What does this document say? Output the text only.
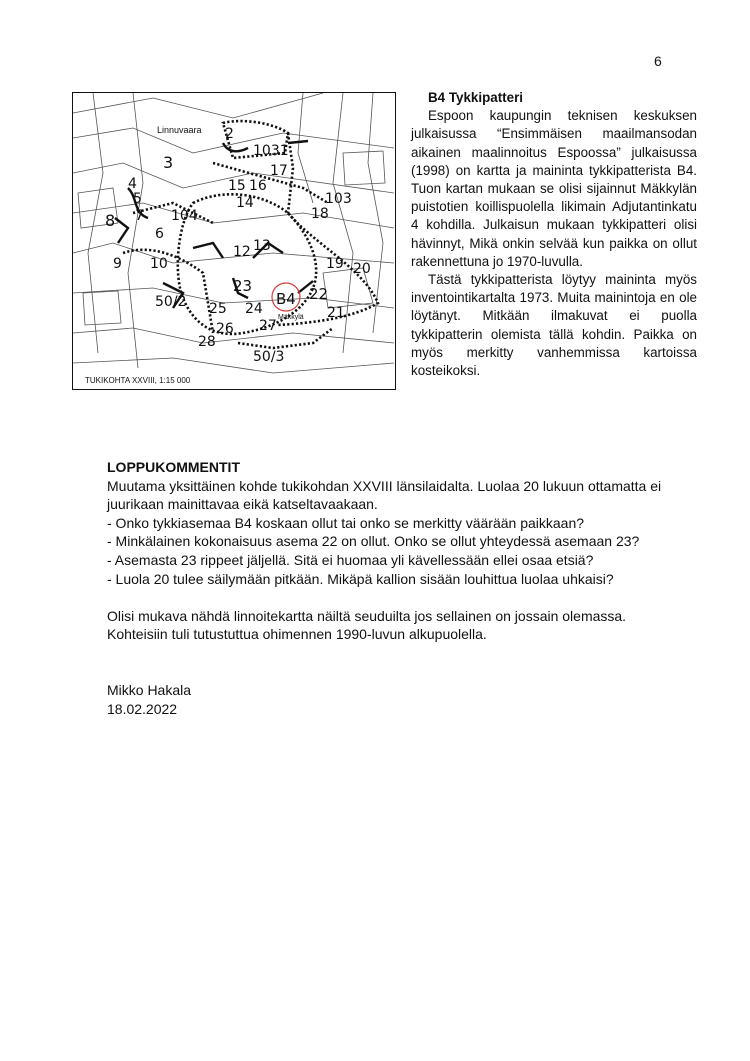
6
Linnuvaara
Mäkkylä
1031
2
3
4
5
7
8
6
104
15 16
14
17
103
18
12 13
9 10	19 20
23
B4 22
50/2 25 24	21
26 27
28
50/3
TUKIKOHTA XXVIII, 1:15 000
B4 Tykkipatteri

Espoon kaupungin teknisen keskuksen julkaisussa “Ensimmäisen maailmansodan aikainen maalinnoitus Espoossa” julkaisussa (1998) on kartta ja maininta tykkipatterista B4. Tuon kartan mukaan se olisi sijainnut Mäkkylän puistotien koillispuolella likimain Adjutantinkatu 4 kohdilla. Julkaisun mukaan tykkipatteri olisi hävinnyt, Mikä onkin selvää kun paikka on ollut rakennettuna jo 1970-luvulla.

Tästä tykkipatterista löytyy maininta myös inventointikartalta 1973. Muita mainintoja en ole löytänyt. Mitkään ilmakuvat ei puolla tykkipatterin olemista tällä kohdin. Paikka on myös merkitty vanhemmissa kartoissa kosteikoksi.

LOPPUKOMMENTIT

Muutama yksittäinen kohde tukikohdan XXVIII länsilaidalta. Luolaa 20 lukuun ottamatta ei juurikaan mainittavaa eikä katseltavaakaan.

- Onko tykkiasemaa B4 koskaan ollut tai onko se merkitty väärään paikkaan?
- Minkälainen kokonaisuus asema 22 on ollut. Onko se ollut yhteydessä asemaan 23?
- Asemasta 23 rippeet jäljellä. Sitä ei huomaa yli kävellessään ellei osaa etsiä?
- Luola 20 tulee säilymään pitkään. Mikäpä kallion sisään louhittua luolaa uhkaisi?
Olisi mukava nähdä linnoitekartta näiltä seuduilta jos sellainen on jossain olemassa.
Kohteisiin tuli tutustuttua ohimennen 1990-luvun alkupuolella.
Mikko Hakala
18.02.2022
